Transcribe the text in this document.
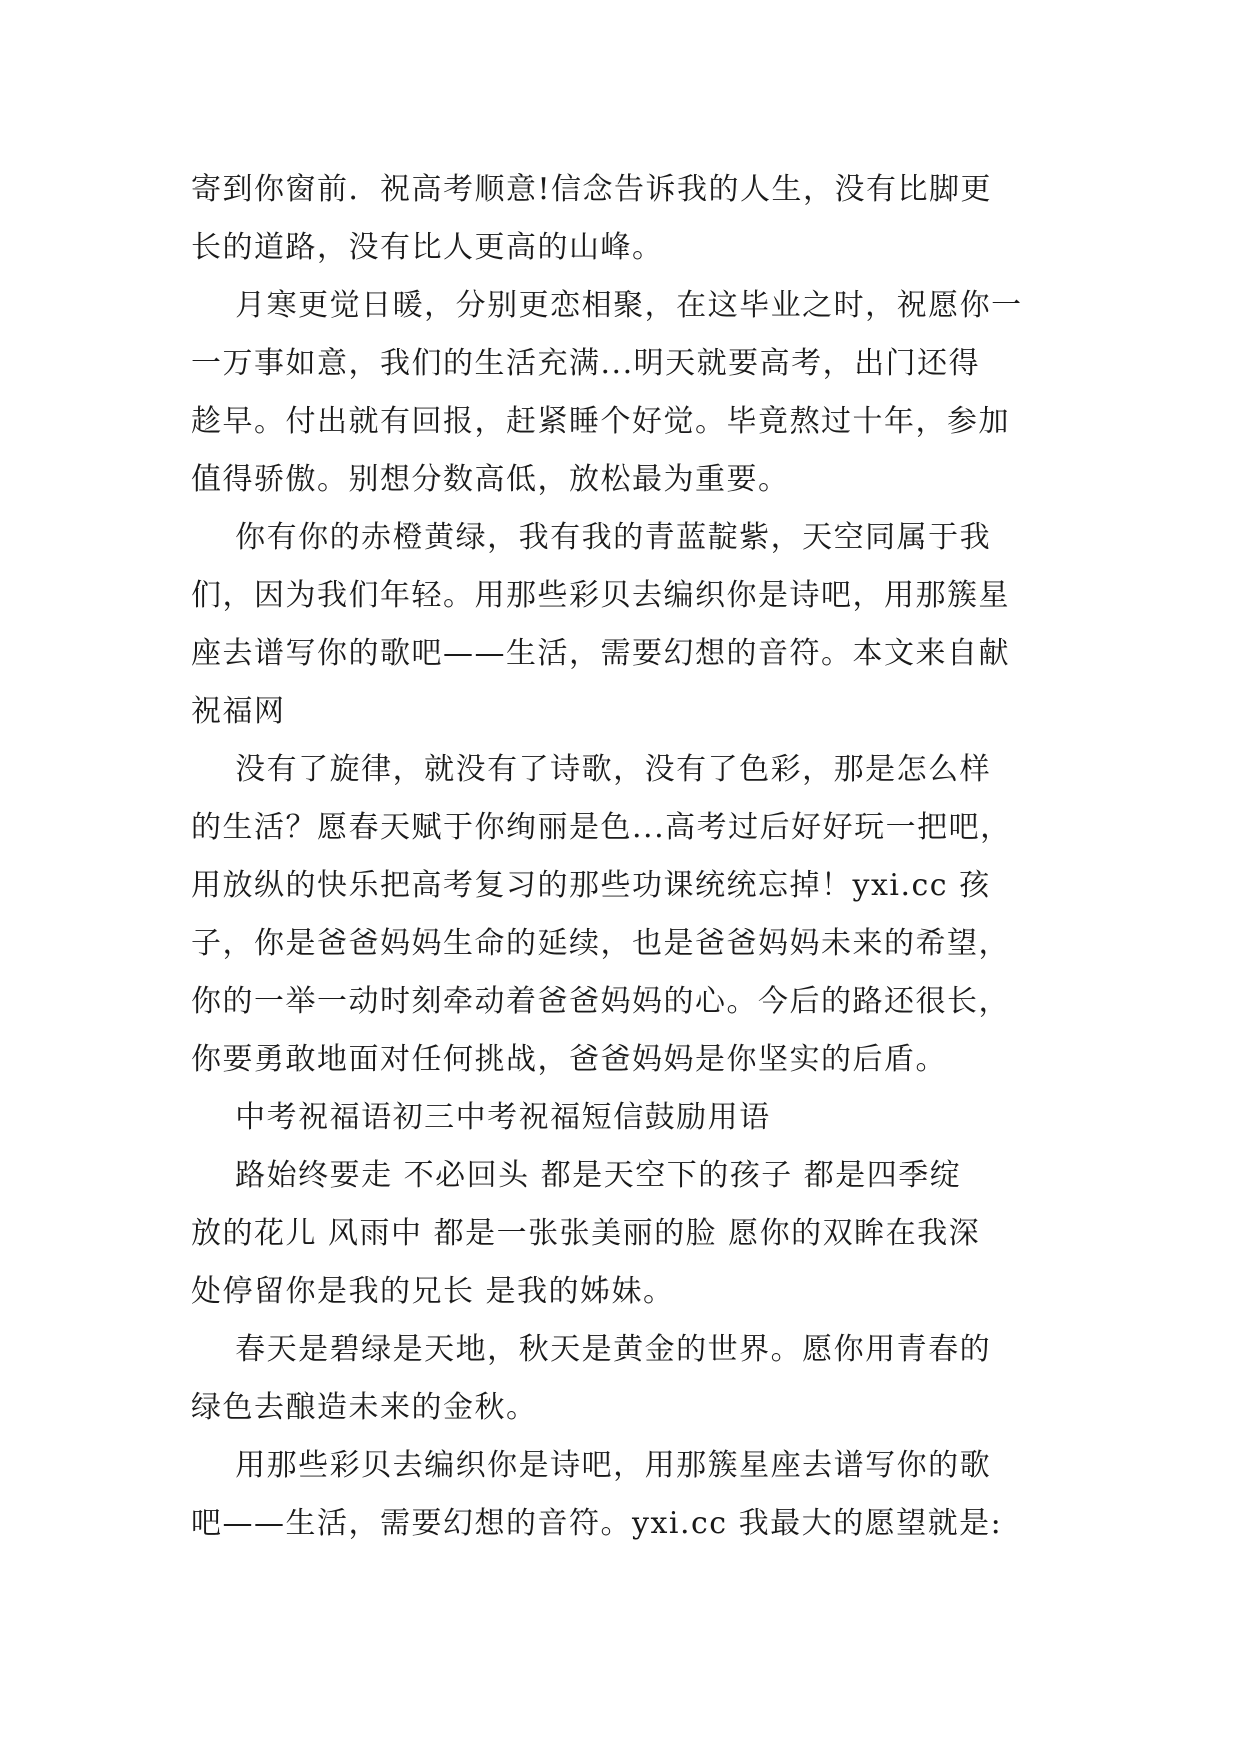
寄到你窗前．祝高考顺意!信念告诉我的人生，没有比脚更
长的道路，没有比人更高的山峰。
月寒更觉日暖，分别更恋相聚，在这毕业之时，祝愿你一
一万事如意，我们的生活充满...明天就要高考，出门还得
趁早。付出就有回报，赶紧睡个好觉。毕竟熬过十年，参加
值得骄傲。别想分数高低，放松最为重要。
你有你的赤橙黄绿，我有我的青蓝靛紫，天空同属于我
们，因为我们年轻。用那些彩贝去编织你是诗吧，用那簇星
座去谱写你的歌吧——生活，需要幻想的音符。本文来自献
祝福网
没有了旋律，就没有了诗歌，没有了色彩，那是怎么样
的生活？愿春天赋于你绚丽是色...高考过后好好玩一把吧，
用放纵的快乐把高考复习的那些功课统统忘掉！yxi.cc 孩
子，你是爸爸妈妈生命的延续，也是爸爸妈妈未来的希望，
你的一举一动时刻牵动着爸爸妈妈的心。今后的路还很长，
你要勇敢地面对任何挑战，爸爸妈妈是你坚实的后盾。
中考祝福语初三中考祝福短信鼓励用语
路始终要走 不必回头 都是天空下的孩子 都是四季绽
放的花儿 风雨中 都是一张张美丽的脸 愿你的双眸在我深
处停留你是我的兄长 是我的姊妹。
春天是碧绿是天地，秋天是黄金的世界。愿你用青春的
绿色去酿造未来的金秋。
用那些彩贝去编织你是诗吧，用那簇星座去谱写你的歌
吧——生活，需要幻想的音符。yxi.cc 我最大的愿望就是:
